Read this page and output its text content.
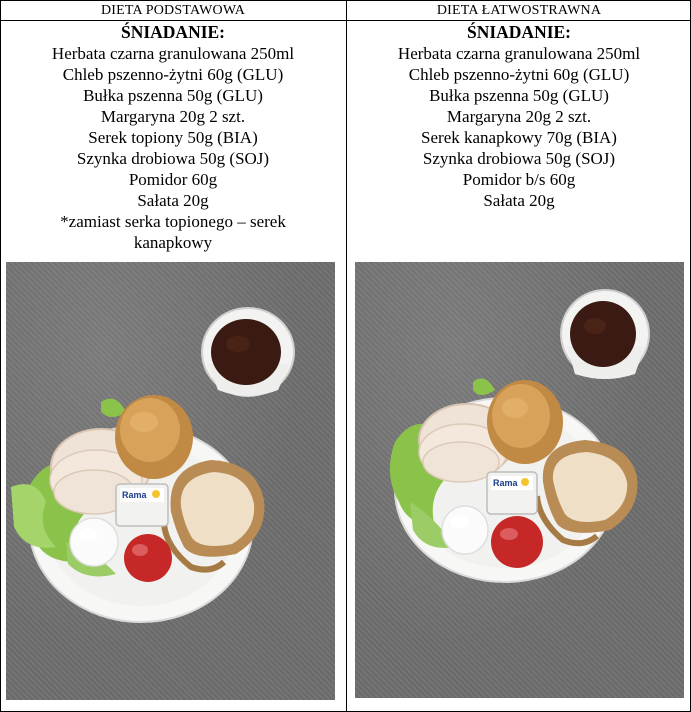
DIETA PODSTAWOWA	DIETA ŁATWOSTRAWNA
ŚNIADANIE:
Herbata czarna granulowana 250ml
Chleb pszenno-żytni 60g (GLU)
Bułka pszenna 50g (GLU)
Margaryna 20g 2 szt.
Serek topiony 50g (BIA)
Szynka drobiowa 50g (SOJ)
Pomidor 60g
Sałata 20g
*zamiast serka topionego – serek
kanapkowy
ŚNIADANIE:
Herbata czarna granulowana 250ml
Chleb pszenno-żytni 60g (GLU)
Bułka pszenna 50g (GLU)
Margaryna 20g 2 szt.
Serek kanapkowy 70g (BIA)
Szynka drobiowa 50g (SOJ)
Pomidor b/s 60g
Sałata 20g
Rama
Rama
